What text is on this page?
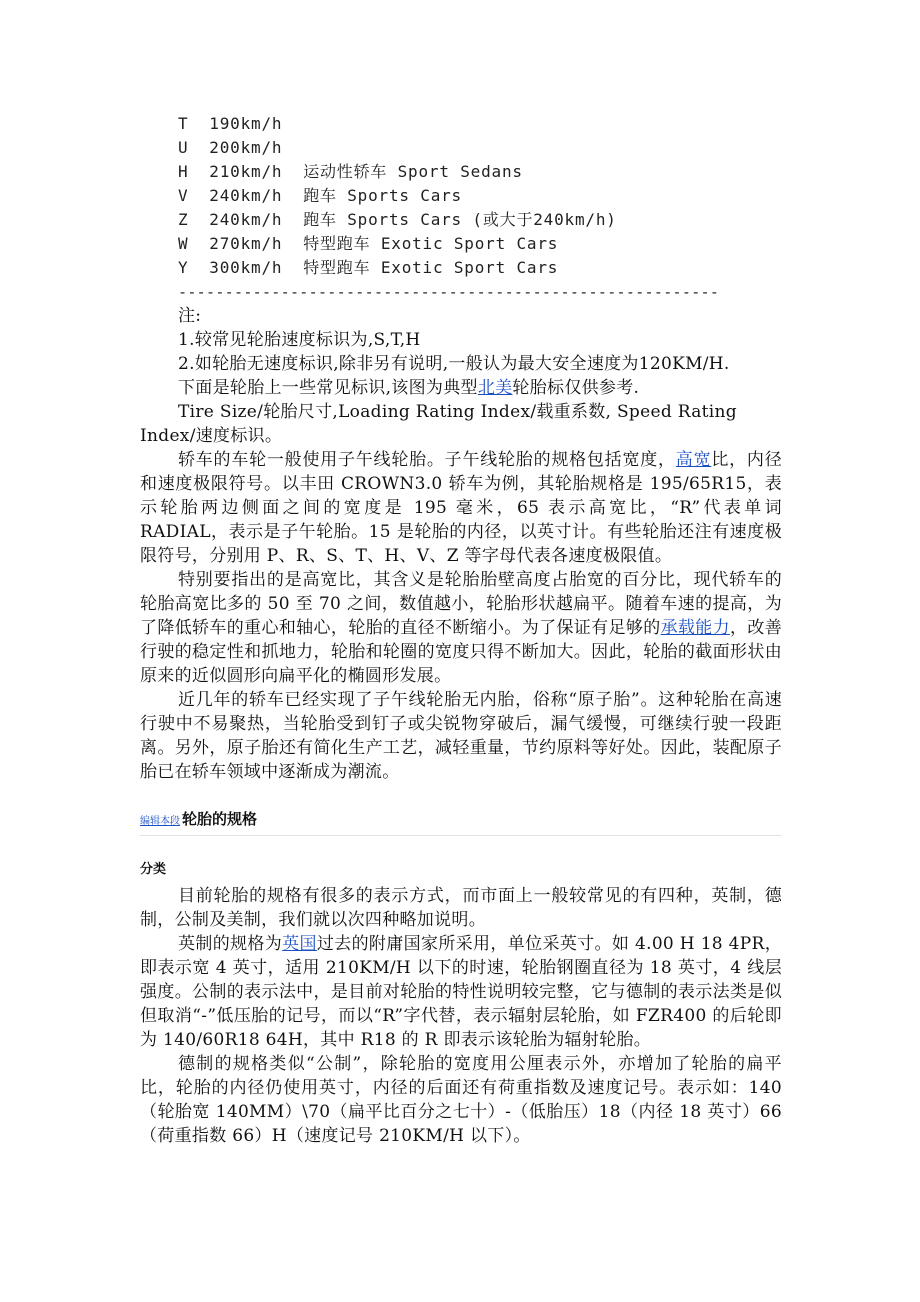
T  190km/h
U  200km/h
H  210km/h  运动性轿车 Sport Sedans
V  240km/h  跑车 Sports Cars
Z  240km/h  跑车 Sports Cars (或大于240km/h)
W  270km/h  特型跑车 Exotic Sport Cars
Y  300km/h  特型跑车 Exotic Sport Cars
----------------------------------------------------------

注:

1.较常见轮胎速度标识为,S,T,H

2.如轮胎无速度标识,除非另有说明,一般认为最大安全速度为120KM/H.

下面是轮胎上一些常见标识,该图为典型北美轮胎标仅供参考.

Tire Size/轮胎尺寸,Loading Rating Index/载重系数, Speed Rating Index/速度标识。

轿车的车轮一般使用子午线轮胎。子午线轮胎的规格包括宽度，高宽比，内径和速度极限符号。以丰田 CROWN3.0 轿车为例，其轮胎规格是 195/65R15，表示轮胎两边侧面之间的宽度是 195 毫米，65 表示高宽比，“R”代表单词 RADIAL，表示是子午轮胎。15 是轮胎的内径，以英寸计。有些轮胎还注有速度极限符号，分别用 P、R、S、T、H、V、Z 等字母代表各速度极限值。

特别要指出的是高宽比，其含义是轮胎胎壁高度占胎宽的百分比，现代轿车的轮胎高宽比多的 50 至 70 之间，数值越小，轮胎形状越扁平。随着车速的提高，为了降低轿车的重心和轴心，轮胎的直径不断缩小。为了保证有足够的承载能力，改善行驶的稳定性和抓地力，轮胎和轮圈的宽度只得不断加大。因此，轮胎的截面形状由原来的近似圆形向扁平化的椭圆形发展。

近几年的轿车已经实现了子午线轮胎无内胎，俗称“原子胎”。这种轮胎在高速行驶中不易聚热，当轮胎受到钉子或尖锐物穿破后，漏气缓慢，可继续行驶一段距离。另外，原子胎还有简化生产工艺，减轻重量，节约原料等好处。因此，装配原子胎已在轿车领域中逐渐成为潮流。

编辑本段 轮胎的规格
分类

目前轮胎的规格有很多的表示方式，而市面上一般较常见的有四种，英制，德制，公制及美制，我们就以次四种略加说明。

英制的规格为英国过去的附庸国家所采用，单位采英寸。如 4.00 H 18 4PR，即表示宽 4 英寸，适用 210KM/H 以下的时速，轮胎钢圈直径为 18 英寸，4 线层强度。公制的表示法中，是目前对轮胎的特性说明较完整，它与德制的表示法类是似但取消“-”低压胎的记号，而以“R”字代替，表示辐射层轮胎，如 FZR400 的后轮即为 140/60R18 64H，其中 R18 的 R 即表示该轮胎为辐射轮胎。

德制的规格类似“公制”，除轮胎的宽度用公厘表示外，亦增加了轮胎的扁平比，轮胎的内径仍使用英寸，内径的后面还有荷重指数及速度记号。表示如：140（轮胎宽 140MM）\70（扁平比百分之七十）-（低胎压）18（内径 18 英寸）66（荷重指数 66）H（速度记号 210KM/H 以下）。
